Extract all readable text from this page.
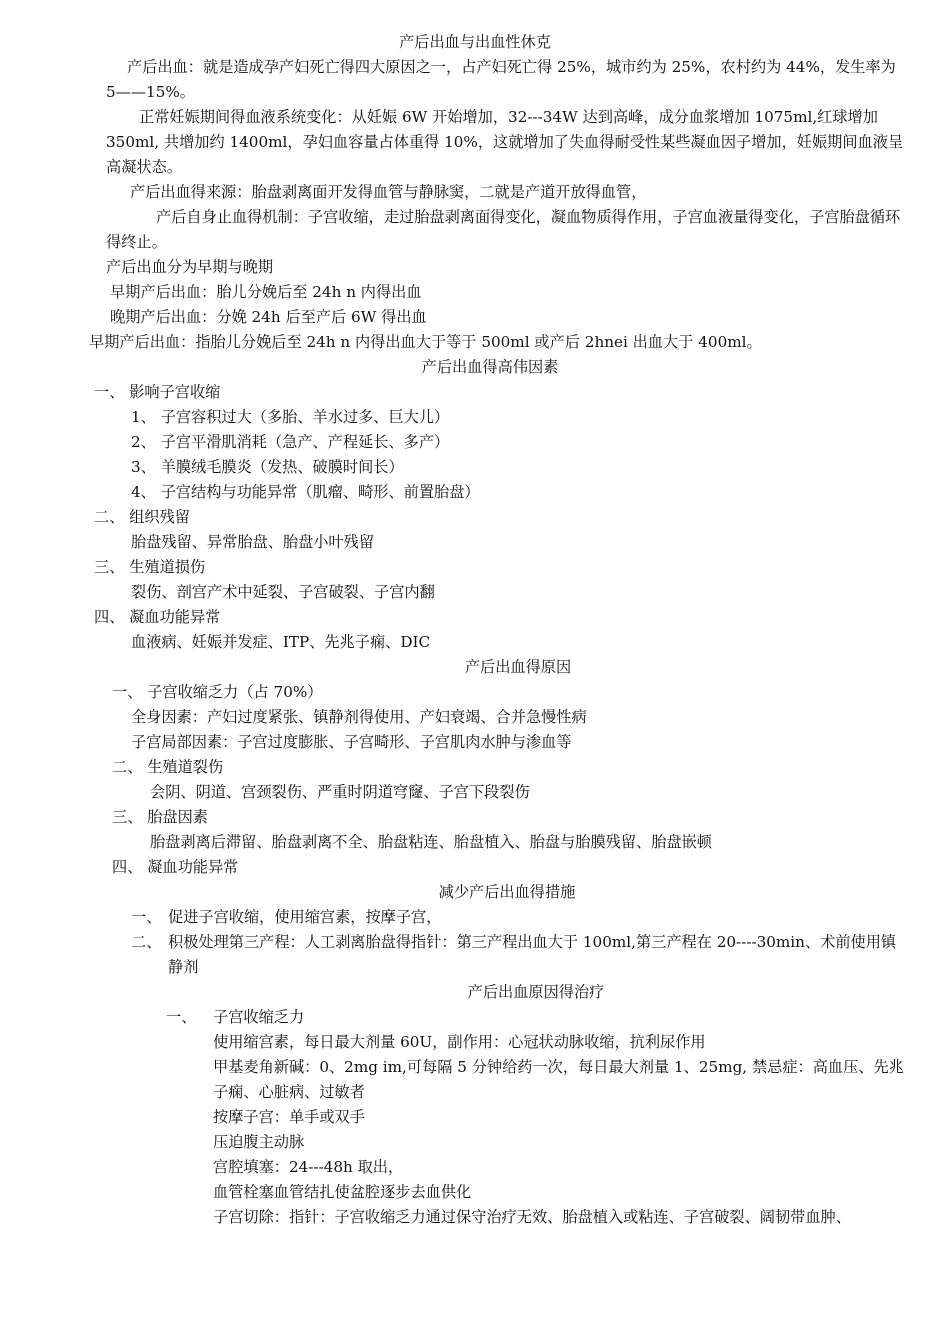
产后出血与出血性休克
产后出血：就是造成孕产妇死亡得四大原因之一，占产妇死亡得 25%，城市约为 25%，农村约为 44%，发生率为 5——15%。
正常妊娠期间得血液系统变化：从妊娠 6W 开始增加，32---34W 达到高峰，成分血浆增加 1075ml,红球增加 350ml, 共增加约 1400ml，孕妇血容量占体重得 10%，这就增加了失血得耐受性某些凝血因子增加，妊娠期间血液呈高凝状态。
产后出血得来源：胎盘剥离面开发得血管与静脉窦，二就是产道开放得血管，
产后自身止血得机制：子宫收缩，走过胎盘剥离面得变化，凝血物质得作用，子宫血液量得变化，子宫胎盘循环得终止。
产后出血分为早期与晚期
早期产后出血：胎儿分娩后至 24h n 内得出血
晚期产后出血：分娩 24h 后至产后 6W 得出血
早期产后出血：指胎儿分娩后至 24h n 内得出血大于等于 500ml 或产后 2hnei 出血大于 400ml。
产后出血得高伟因素
一、 影响子宫收缩
1、 子宫容积过大（多胎、羊水过多、巨大儿）
2、 子宫平滑肌消耗（急产、产程延长、多产）
3、 羊膜绒毛膜炎（发热、破膜时间长）
4、 子宫结构与功能异常（肌瘤、畸形、前置胎盘）
二、 组织残留
胎盘残留、异常胎盘、胎盘小叶残留
三、 生殖道损伤
裂伤、剖宫产术中延裂、子宫破裂、子宫内翻
四、 凝血功能异常
血液病、妊娠并发症、ITP、先兆子痫、DIC
产后出血得原因
一、 子宫收缩乏力（占 70%）
全身因素：产妇过度紧张、镇静剂得使用、产妇衰竭、合并急慢性病
子宫局部因素：子宫过度膨胀、子宫畸形、子宫肌肉水肿与渗血等
二、 生殖道裂伤
会阴、阴道、宫颈裂伤、严重时阴道穹窿、子宫下段裂伤
三、 胎盘因素
胎盘剥离后滞留、胎盘剥离不全、胎盘粘连、胎盘植入、胎盘与胎膜残留、胎盘嵌顿
四、 凝血功能异常
减少产后出血得措施
一、 促进子宫收缩，使用缩宫素，按摩子宫，
二、 积极处理第三产程：人工剥离胎盘得指针：第三产程出血大于 100ml,第三产程在 20----30min、术前使用镇静剂
产后出血原因得治疗
一、 子宫收缩乏力
使用缩宫素，每日最大剂量 60U，副作用：心冠状动脉收缩，抗利尿作用
甲基麦角新碱：0、2mg im,可每隔 5 分钟给药一次，每日最大剂量 1、25mg, 禁忌症：高血压、先兆子痫、心脏病、过敏者
按摩子宫：单手或双手
压迫腹主动脉
宫腔填塞：24---48h 取出，
血管栓塞血管结扎使盆腔逐步去血供化
子宫切除：指针：子宫收缩乏力通过保守治疗无效、胎盘植入或粘连、子宫破裂、阔韧带血肿、
